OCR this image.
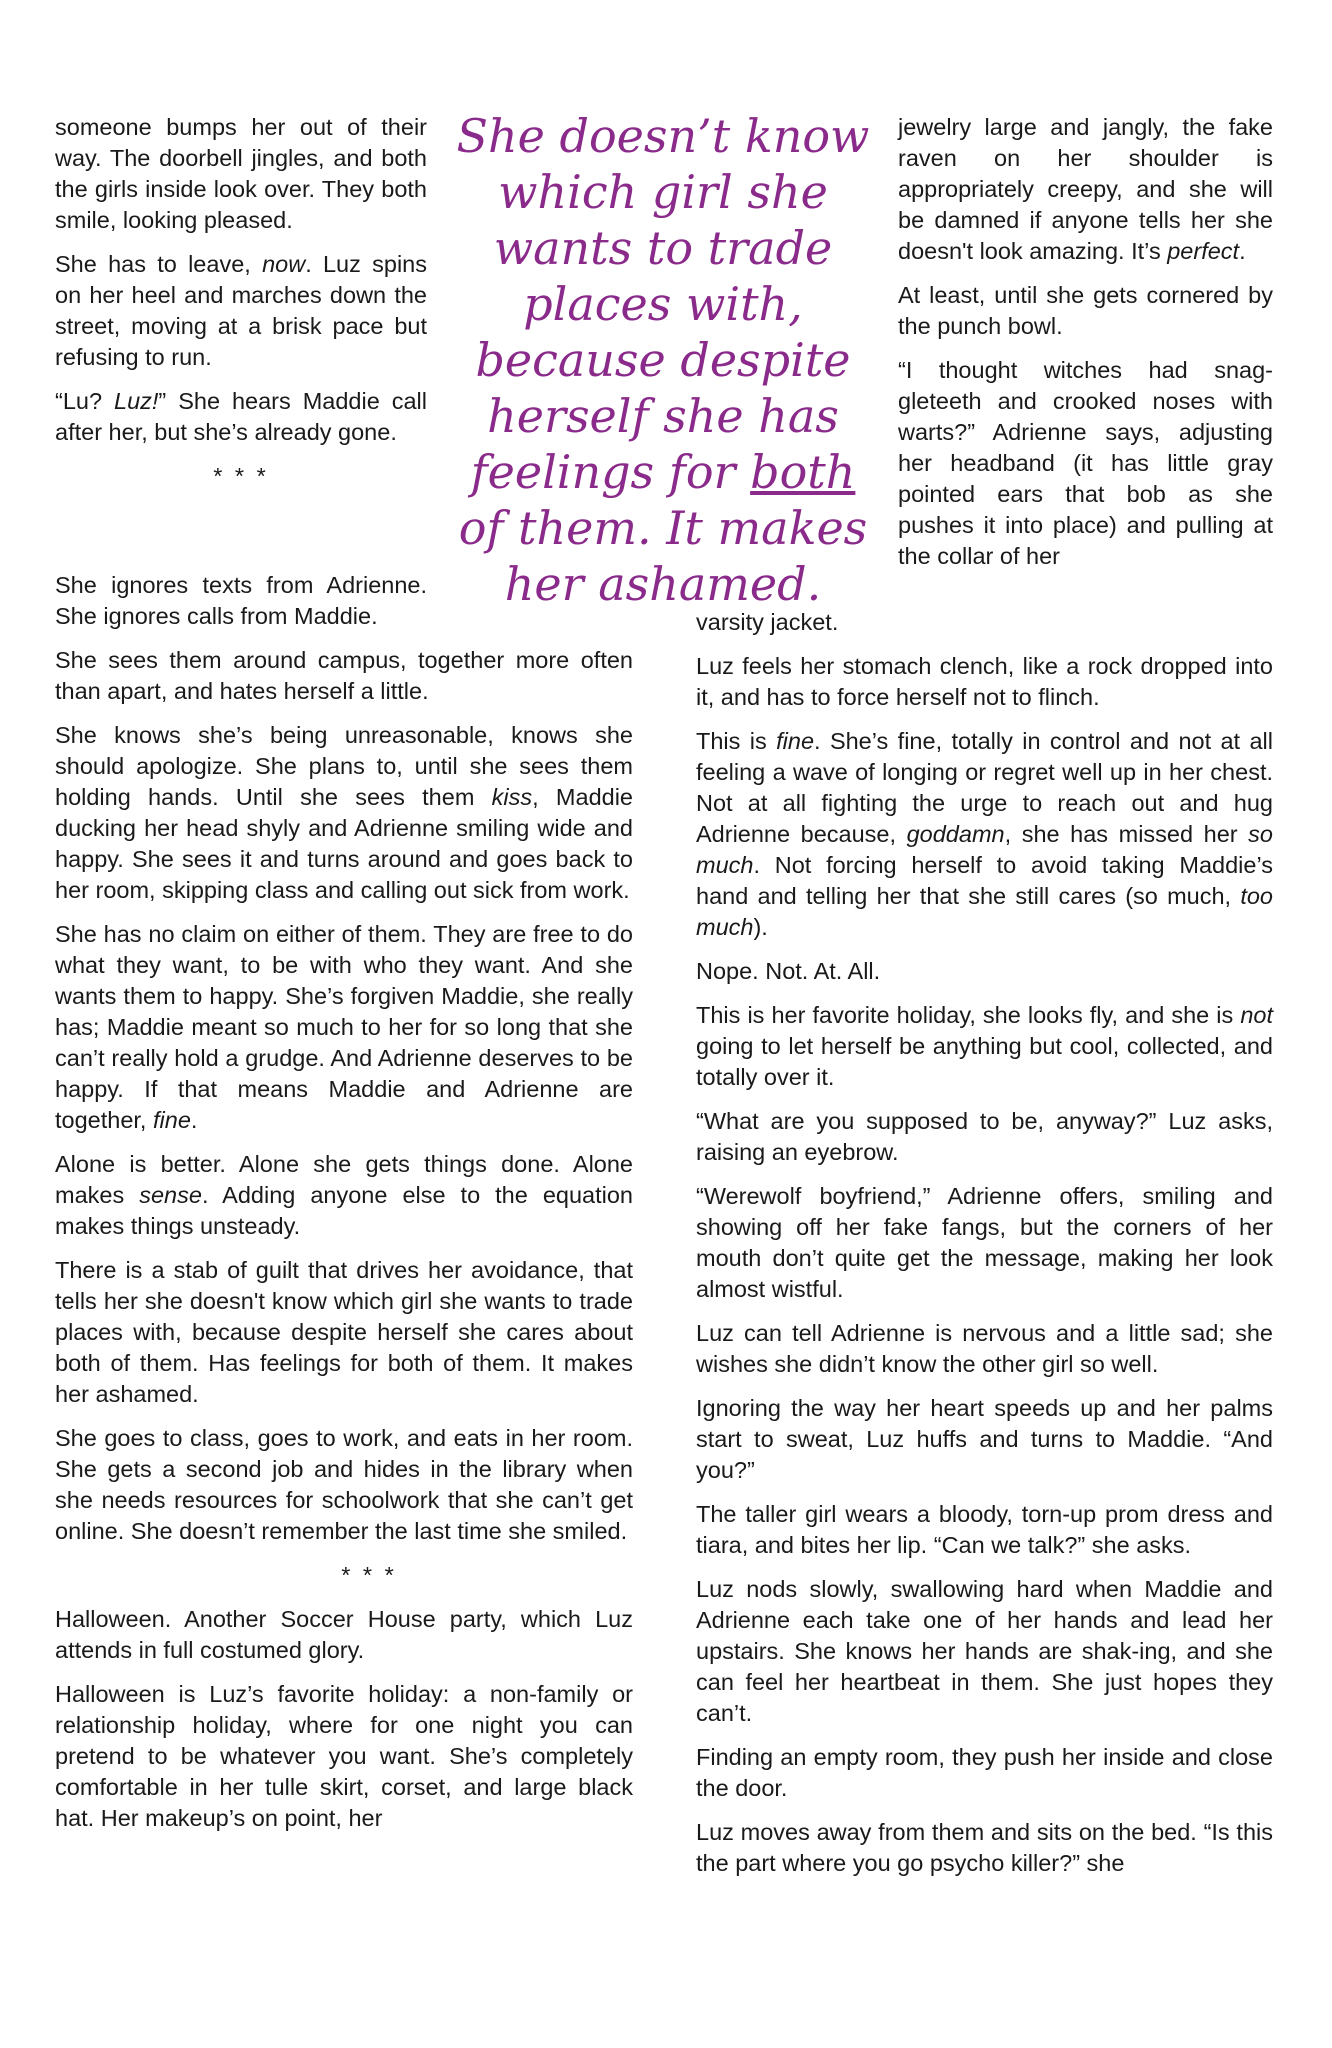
She doesn’t know which girl she wants to trade places with, because despite herself she has feelings for both of them. It makes her ashamed.

someone bumps her out of their way. The doorbell jingles, and both the girls inside look over. They both smile, looking pleased.

She has to leave, now. Luz spins on her heel and marches down the street, moving at a brisk pace but refusing to run.

“Lu? Luz!” She hears Maddie call after her, but she’s already gone.

* * *

She ignores texts from Adrienne. She ignores calls from Maddie.

She sees them around campus, together more often than apart, and hates herself a little.

She knows she’s being unreasonable, knows she should apologize. She plans to, until she sees them holding hands. Until she sees them kiss, Maddie ducking her head shyly and Adrienne smiling wide and happy. She sees it and turns around and goes back to her room, skipping class and calling out sick from work.

She has no claim on either of them. They are free to do what they want, to be with who they want. And she wants them to happy. She’s forgiven Maddie, she really has; Maddie meant so much to her for so long that she can’t really hold a grudge. And Adrienne deserves to be happy. If that means Maddie and Adrienne are together, fine.

Alone is better. Alone she gets things done. Alone makes sense. Adding anyone else to the equation makes things unsteady.

There is a stab of guilt that drives her avoidance, that tells her she doesn't know which girl she wants to trade places with, because despite herself she cares about both of them. Has feelings for both of them. It makes her ashamed.

She goes to class, goes to work, and eats in her room. She gets a second job and hides in the library when she needs resources for schoolwork that she can’t get online. She doesn’t remember the last time she smiled.

* * *

Halloween. Another Soccer House party, which Luz attends in full costumed glory.

Halloween is Luz’s favorite holiday: a non-family or relationship holiday, where for one night you can pretend to be whatever you want. She’s completely comfortable in her tulle skirt, corset, and large black hat. Her makeup’s on point, her

jewelry large and jangly, the fake raven on her shoulder is appropriately creepy, and she will be damned if anyone tells her she doesn't look amazing. It’s perfect.

At least, until she gets cornered by the punch bowl.

“I thought witches had snag-gleteeth and crooked noses with warts?” Adrienne says, adjusting her headband (it has little gray pointed ears that bob as she pushes it into place) and pulling at the collar of her

varsity jacket.

Luz feels her stomach clench, like a rock dropped into it, and has to force herself not to flinch.

This is fine. She’s fine, totally in control and not at all feeling a wave of longing or regret well up in her chest. Not at all fighting the urge to reach out and hug Adrienne because, goddamn, she has missed her so much. Not forcing herself to avoid taking Maddie’s hand and telling her that she still cares (so much, too much).

Nope. Not. At. All.

This is her favorite holiday, she looks fly, and she is not going to let herself be anything but cool, collected, and totally over it.

“What are you supposed to be, anyway?” Luz asks, raising an eyebrow.

“Werewolf boyfriend,” Adrienne offers, smiling and showing off her fake fangs, but the corners of her mouth don’t quite get the message, making her look almost wistful.

Luz can tell Adrienne is nervous and a little sad; she wishes she didn’t know the other girl so well.

Ignoring the way her heart speeds up and her palms start to sweat, Luz huffs and turns to Maddie. “And you?”

The taller girl wears a bloody, torn-up prom dress and tiara, and bites her lip. “Can we talk?” she asks.

Luz nods slowly, swallowing hard when Maddie and Adrienne each take one of her hands and lead her upstairs. She knows her hands are shak-ing, and she can feel her heartbeat in them. She just hopes they can’t.

Finding an empty room, they push her inside and close the door.

Luz moves away from them and sits on the bed. “Is this the part where you go psycho killer?” she
